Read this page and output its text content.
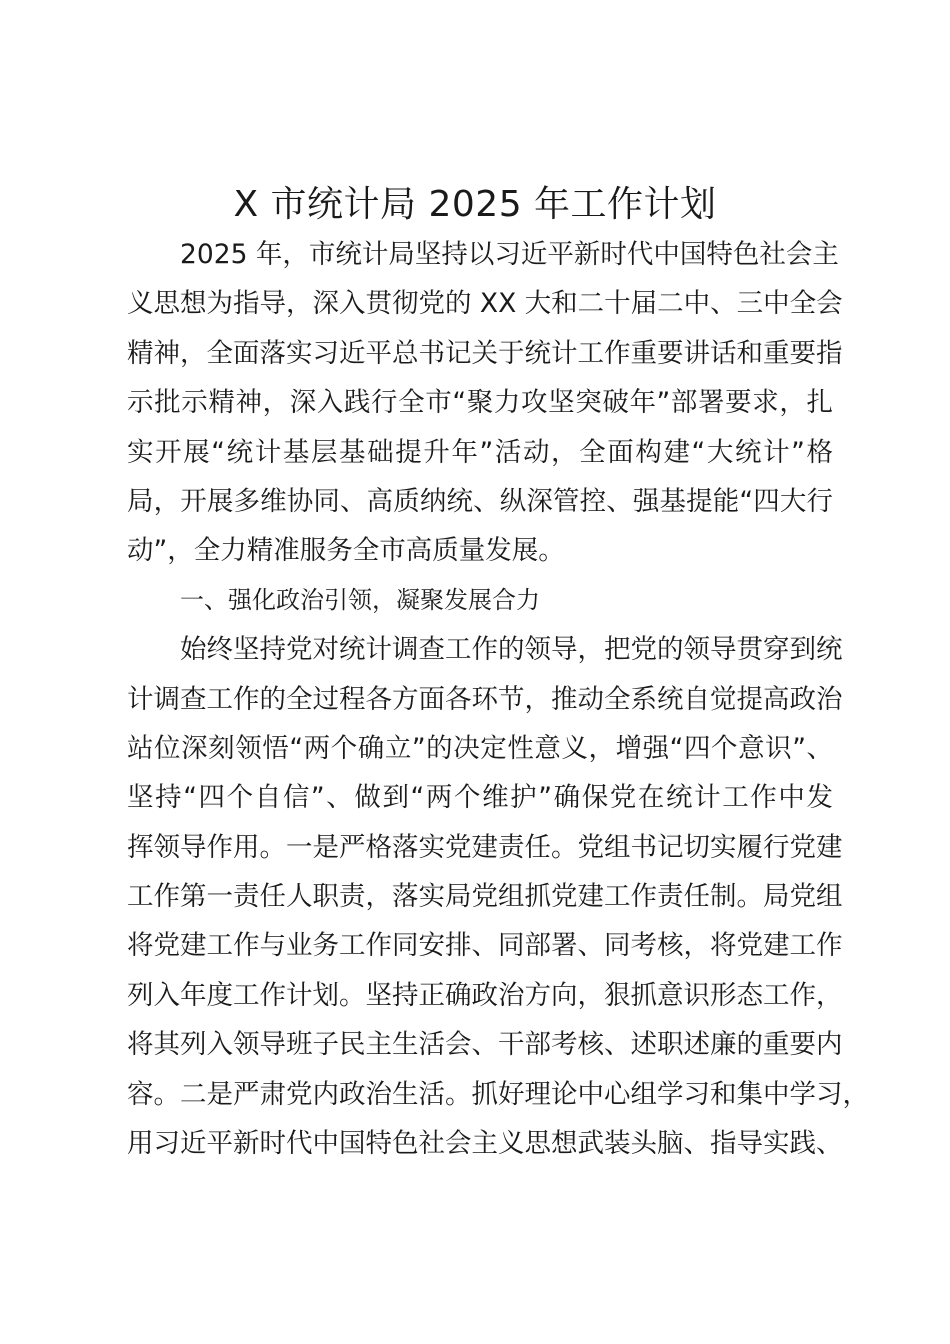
X 市统计局 2025 年工作计划
2025 年，市统计局坚持以习近平新时代中国特色社会主
义思想为指导，深入贯彻党的 XX 大和二十届二中、三中全会
精神，全面落实习近平总书记关于统计工作重要讲话和重要指
示批示精神，深入践行全市“聚力攻坚突破年”部署要求，扎
实开展“统计基层基础提升年”活动，全面构建“大统计”格
局，开展多维协同、高质纳统、纵深管控、强基提能“四大行
动”，全力精准服务全市高质量发展。
一、强化政治引领，凝聚发展合力
始终坚持党对统计调查工作的领导，把党的领导贯穿到统
计调查工作的全过程各方面各环节，推动全系统自觉提高政治
站位深刻领悟“两个确立”的决定性意义，增强“四个意识”、
坚持“四个自信”、做到“两个维护”确保党在统计工作中发
挥领导作用。一是严格落实党建责任。党组书记切实履行党建
工作第一责任人职责，落实局党组抓党建工作责任制。局党组
将党建工作与业务工作同安排、同部署、同考核，将党建工作
列入年度工作计划。坚持正确政治方向，狠抓意识形态工作，
将其列入领导班子民主生活会、干部考核、述职述廉的重要内
容。二是严肃党内政治生活。抓好理论中心组学习和集中学习，
用习近平新时代中国特色社会主义思想武装头脑、指导实践、
